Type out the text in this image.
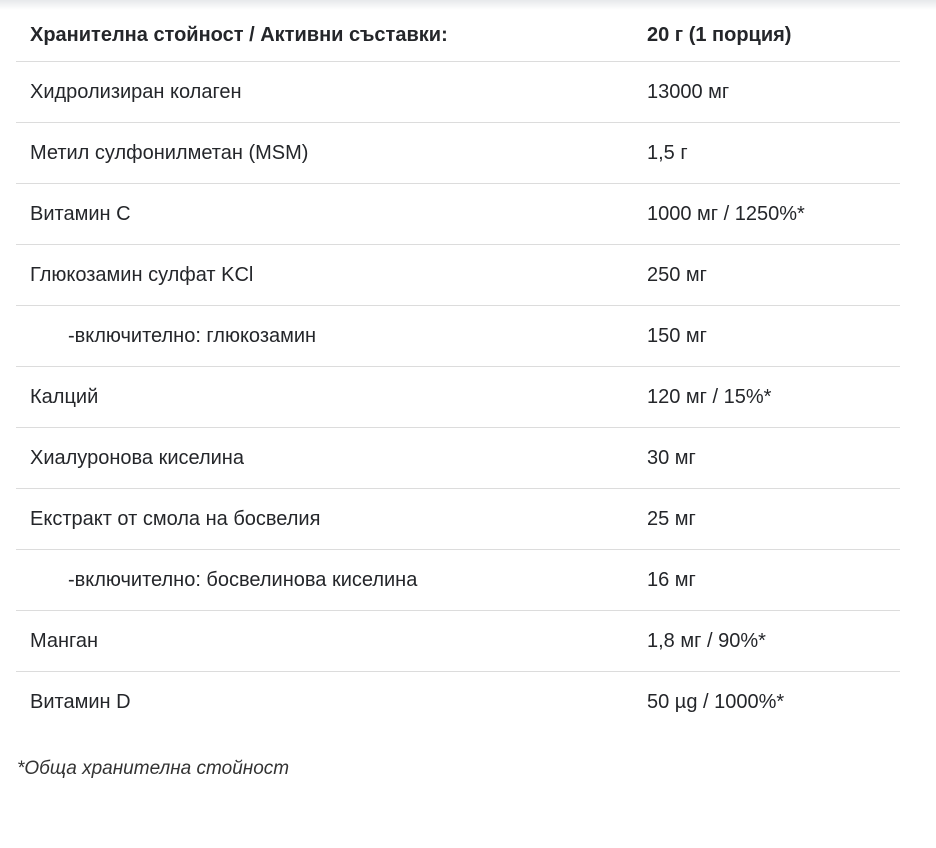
Хранителна стойност / Активни съставки:	20 г (1 порция)
Хидролизиран колаген	13000 мг
Метил сулфонилметан (MSM)	1,5 г
Витамин C	1000 мг / 1250%*
Глюкозамин сулфат KCl	250 мг
-включително: глюкозамин	150 мг
Калций	120 мг / 15%*
Хиалуронова киселина	30 мг
Екстракт от смола на босвелия	25 мг
-включително: босвелинова киселина	16 мг
Манган	1,8 мг / 90%*
Витамин D	50 µg / 1000%*
*Обща хранителна стойност
